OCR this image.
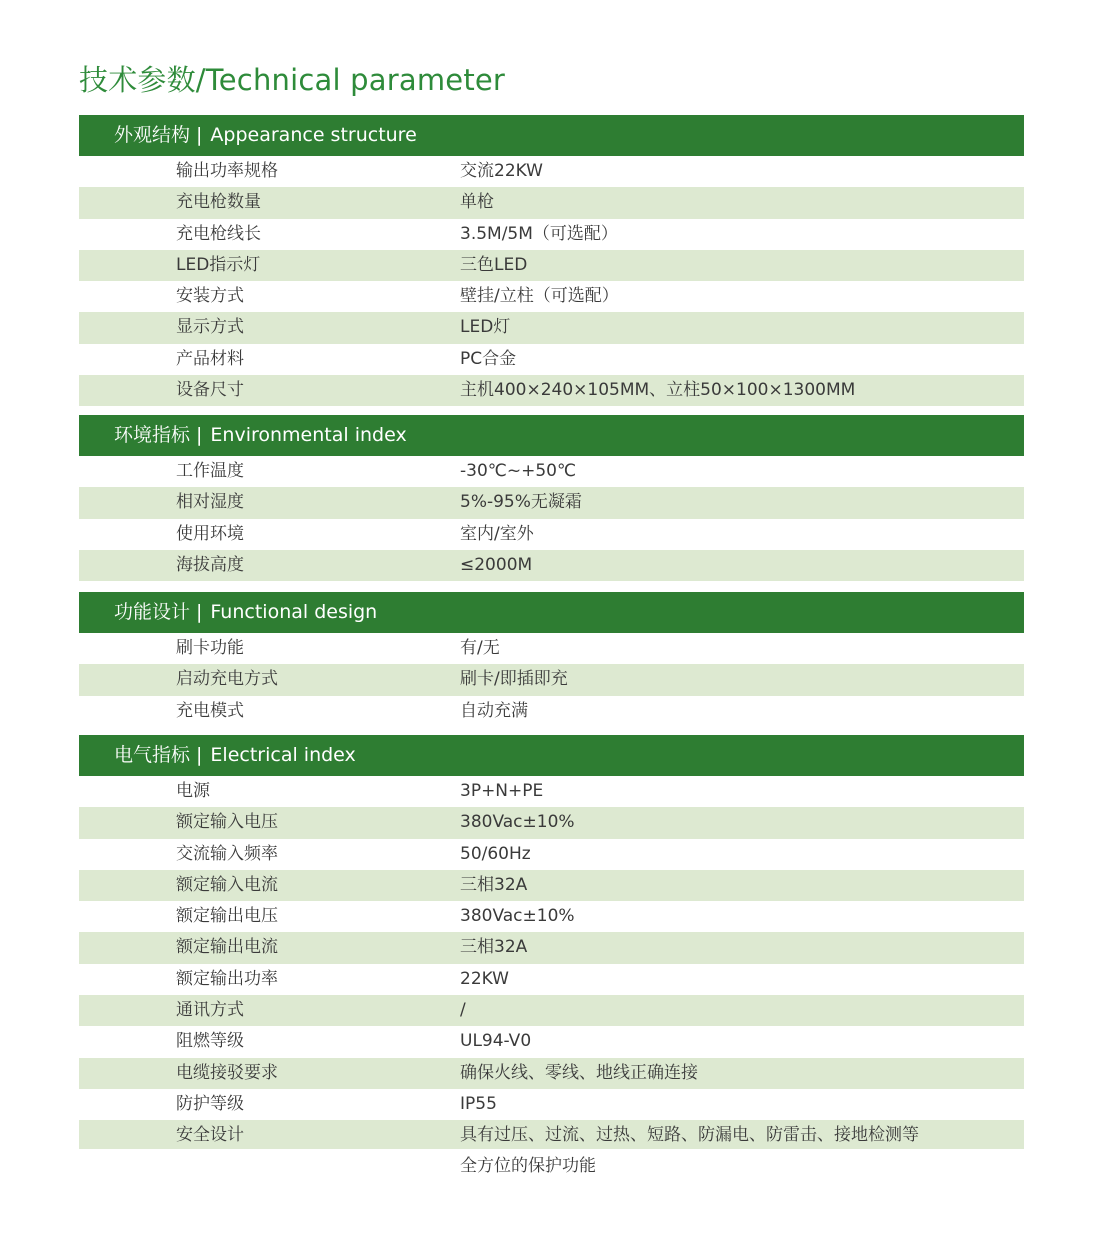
技术参数/Technical parameter
外观结构 | Appearance structure
输出功率规格	交流22KW
充电枪数量	单枪
充电枪线长	3.5M/5M（可选配）
LED指示灯	三色LED
安装方式	壁挂/立柱（可选配）
显示方式	LED灯
产品材料	PC合金
设备尺寸	主机400×240×105MM、立柱50×100×1300MM
环境指标 | Environmental index
工作温度	-30℃~+50℃
相对湿度	5%-95%无凝霜
使用环境	室内/室外
海拔高度	≤2000M
功能设计 | Functional design
刷卡功能	有/无
启动充电方式	刷卡/即插即充
充电模式	自动充满
电气指标 | Electrical index
电源	3P+N+PE
额定输入电压	380Vac±10%
交流输入频率	50/60Hz
额定输入电流	三相32A
额定输出电压	380Vac±10%
额定输出电流	三相32A
额定输出功率	22KW
通讯方式	/
阻燃等级	UL94-V0
电缆接驳要求	确保火线、零线、地线正确连接
防护等级	IP55
安全设计	具有过压、过流、过热、短路、防漏电、防雷击、接地检测等全方位的保护功能
